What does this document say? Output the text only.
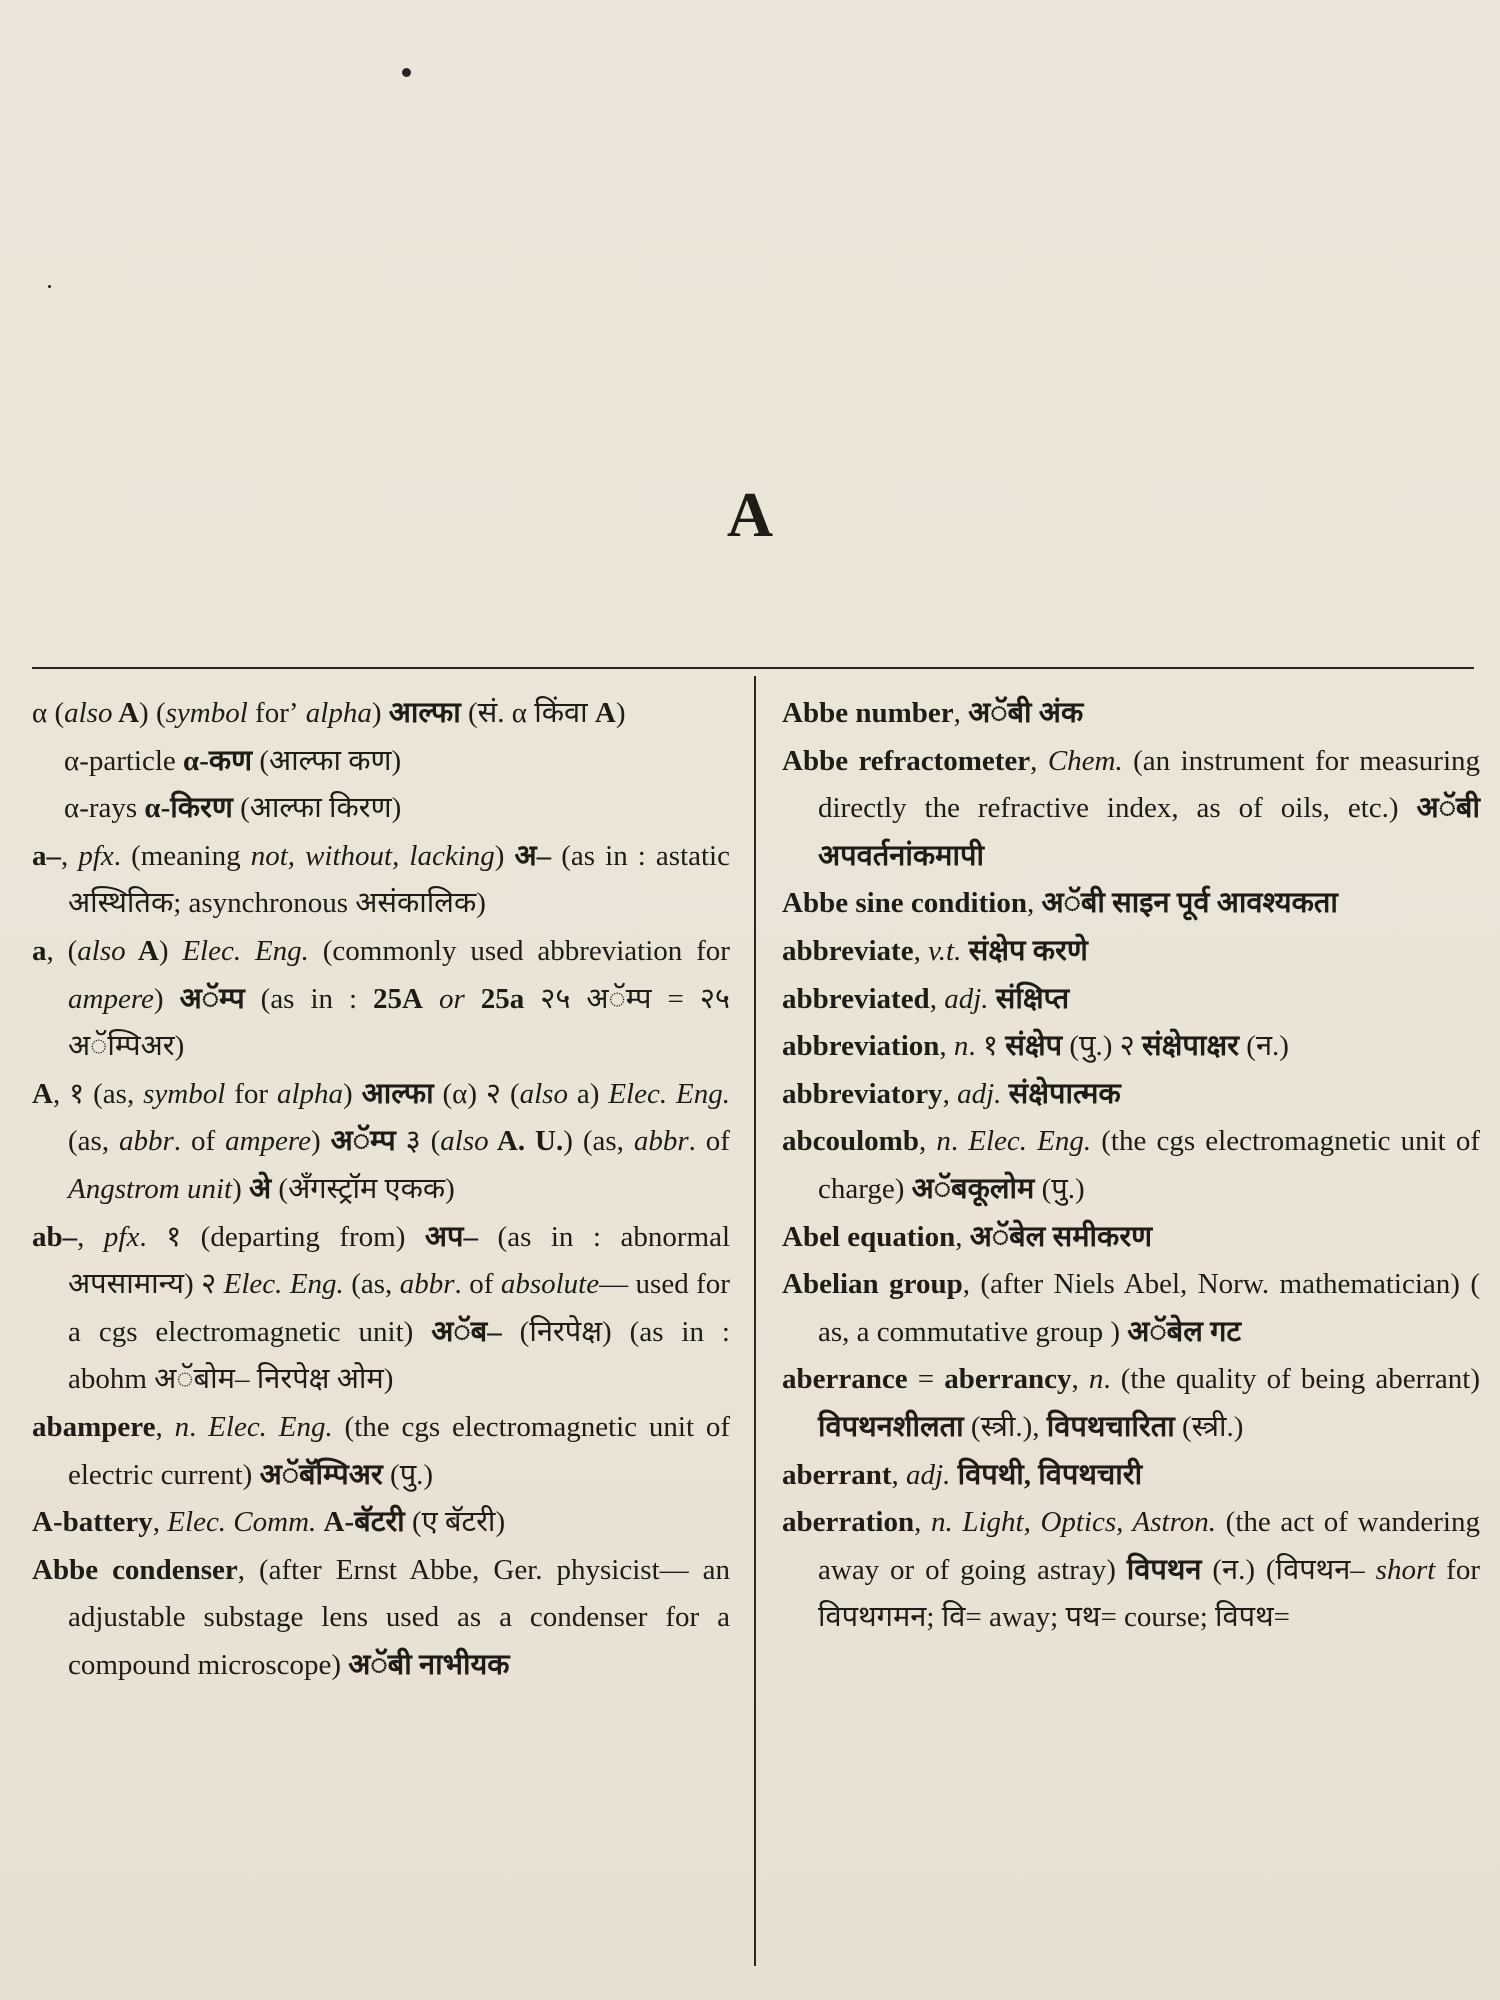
A
α (also A) (symbol forʼ alpha) आल्फा (सं. α किंवा A)
α-particle α-कण (आल्फा कण)
α-rays α-किरण (आल्फा किरण)
a–, pfx. (meaning not, without, lacking) अ– (as in : astatic अस्थितिक; asynchronous असंकालिक)
a, (also A) Elec. Eng. (commonly used abbreviation for ampere) अॅम्प (as in : 25A or 25a २५ अॅम्प = २५ अॅम्पिअर)
A, १ (as, symbol for alpha) आल्फा (α) २ (also a) Elec. Eng. (as, abbr. of ampere) अॅम्प ३ (also A. U.) (as, abbr. of Angstrom unit) अे (अँगस्ट्रॉम एकक)
ab–, pfx. १ (departing from) अप– (as in : abnormal अपसामान्य) २ Elec. Eng. (as, abbr. of absolute— used for a cgs electromagnetic unit) अॅब– (निरपेक्ष) (as in : abohm अॅबोम– निरपेक्ष ओम)
abampere, n. Elec. Eng. (the cgs electromagnetic unit of electric current) अॅबॅम्पिअर (पु.)
A-battery, Elec. Comm. A-बॅटरी (ए बॅटरी)
Abbe condenser, (after Ernst Abbe, Ger. physicist— an adjustable substage lens used as a condenser for a compound microscope) अॅबी नाभीयक
Abbe number, अॅबी अंक
Abbe refractometer, Chem. (an instrument for measuring directly the refractive index, as of oils, etc.) अॅबी अपवर्तनांकमापी
Abbe sine condition, अॅबी साइन पूर्व आवश्यकता
abbreviate, v.t. संक्षेप करणे
abbreviated, adj. संक्षिप्त
abbreviation, n. १ संक्षेप (पु.) २ संक्षेपाक्षर (न.)
abbreviatory, adj. संक्षेपात्मक
abcoulomb, n. Elec. Eng. (the cgs electromagnetic unit of charge) अॅबकूलोम (पु.)
Abel equation, अॅबेल समीकरण
Abelian group, (after Niels Abel, Norw. mathematician) ( as, a commutative group ) अॅबेल गट
aberrance = aberrancy, n. (the quality of being aberrant) विपथनशीलता (स्त्री.), विपथचारिता (स्त्री.)
aberrant, adj. विपथी, विपथचारी
aberration, n. Light, Optics, Astron. (the act of wandering away or of going astray) विपथन (न.) (विपथन– short for विपथगमन; वि= away; पथ= course; विपथ=
